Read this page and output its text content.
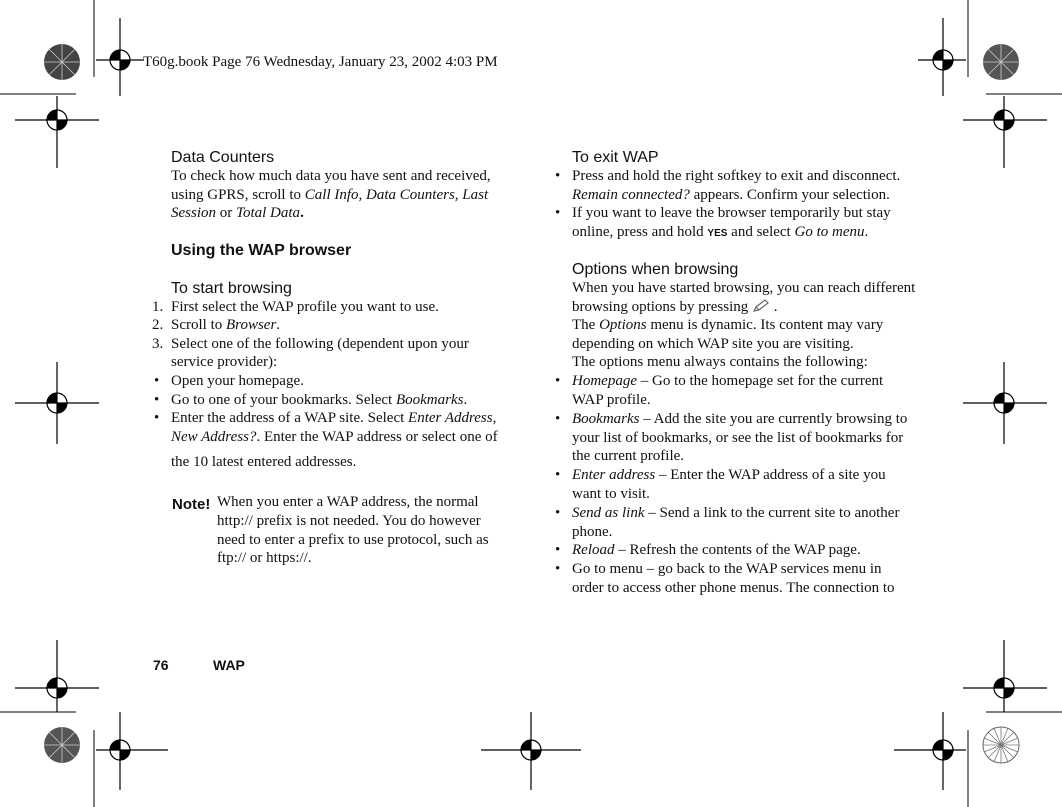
T60g.book Page 76 Wednesday, January 23, 2002 4:03 PM
Data Counters
To check how much data you have sent and received,
using GPRS, scroll to Call Info, Data Counters, Last
Session or Total Data.
Using the WAP browser
To start browsing
1. First select the WAP profile you want to use.
2. Scroll to Browser.
3. Select one of the following (dependent upon your
service provider):
• Open your homepage.
• Go to one of your bookmarks. Select Bookmarks.
• Enter the address of a WAP site. Select Enter Address,
New Address?. Enter the WAP address or select one of
the 10 latest entered addresses.
Note! When you enter a WAP address, the normal
http:// prefix is not needed. You do however
need to enter a prefix to use protocol, such as
ftp:// or https://.
To exit WAP
• Press and hold the right softkey to exit and disconnect.
Remain connected? appears. Confirm your selection.
• If you want to leave the browser temporarily but stay
online, press and hold YES and select Go to menu.
Options when browsing
When you have started browsing, you can reach different
browsing options by pressing  .
The Options menu is dynamic. Its content may vary
depending on which WAP site you are visiting.
The options menu always contains the following:
• Homepage – Go to the homepage set for the current
WAP profile.
• Bookmarks – Add the site you are currently browsing to
your list of bookmarks, or see the list of bookmarks for
the current profile.
• Enter address – Enter the WAP address of a site you
want to visit.
• Send as link – Send a link to the current site to another
phone.
• Reload – Refresh the contents of the WAP page.
• Go to menu – go back to the WAP services menu in
order to access other phone menus. The connection to
76	WAP
